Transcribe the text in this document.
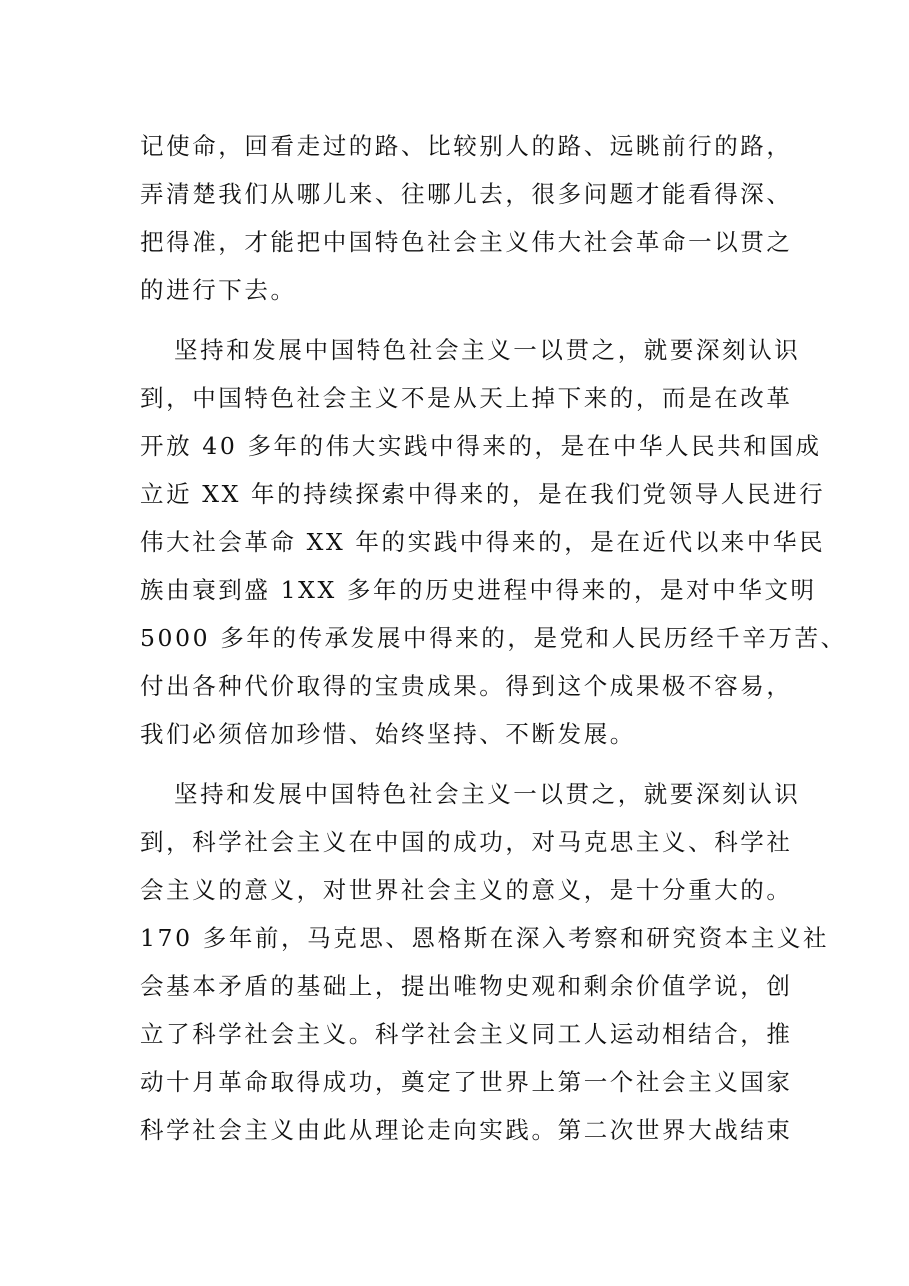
记使命，回看走过的路、比较别人的路、远眺前行的路，
弄清楚我们从哪儿来、往哪儿去，很多问题才能看得深、
把得准，才能把中国特色社会主义伟大社会革命一以贯之
的进行下去。

坚持和发展中国特色社会主义一以贯之，就要深刻认识
到，中国特色社会主义不是从天上掉下来的，而是在改革
开放 40 多年的伟大实践中得来的，是在中华人民共和国成
立近 XX 年的持续探索中得来的，是在我们党领导人民进行
伟大社会革命 XX 年的实践中得来的，是在近代以来中华民
族由衰到盛 1XX 多年的历史进程中得来的，是对中华文明
5000 多年的传承发展中得来的，是党和人民历经千辛万苦、
付出各种代价取得的宝贵成果。得到这个成果极不容易，
我们必须倍加珍惜、始终坚持、不断发展。

坚持和发展中国特色社会主义一以贯之，就要深刻认识
到，科学社会主义在中国的成功，对马克思主义、科学社
会主义的意义，对世界社会主义的意义，是十分重大的。
170 多年前，马克思、恩格斯在深入考察和研究资本主义社
会基本矛盾的基础上，提出唯物史观和剩余价值学说，创
立了科学社会主义。科学社会主义同工人运动相结合，推
动十月革命取得成功，奠定了世界上第一个社会主义国家
科学社会主义由此从理论走向实践。第二次世界大战结束
